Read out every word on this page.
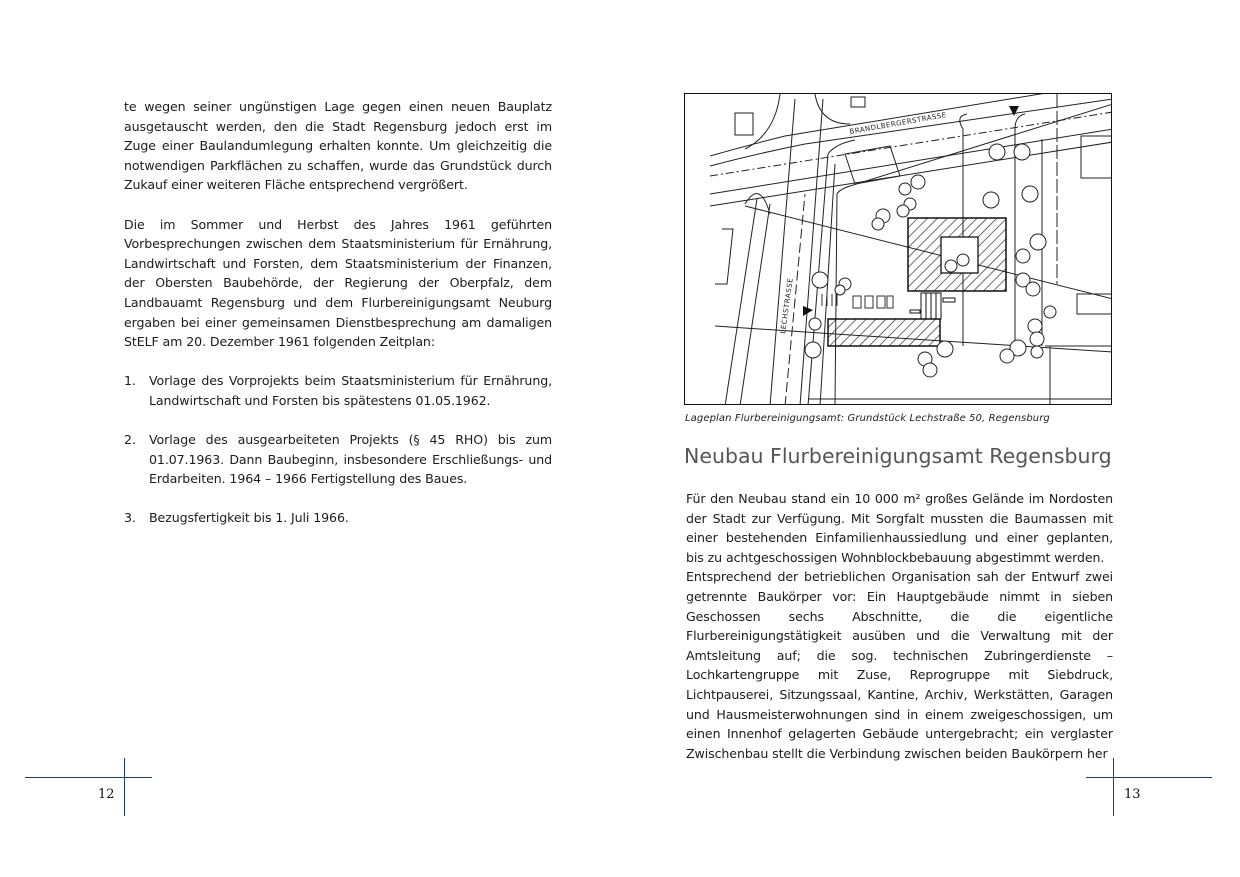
te wegen seiner ungünstigen Lage gegen einen neuen Bauplatz ausgetauscht werden, den die Stadt Regensburg jedoch erst im Zuge einer Baulandumlegung erhalten konnte. Um gleichzeitig die notwendigen Parkflächen zu schaffen, wurde das Grundstück durch Zukauf einer weiteren Fläche entsprechend vergrößert.

Die im Sommer und Herbst des Jahres 1961 geführten Vorbesprechungen zwischen dem Staatsministerium für Ernährung, Landwirtschaft und Forsten, dem Staatsministerium der Finanzen, der Obersten Baubehörde, der Regierung der Oberpfalz, dem Landbauamt Regensburg und dem Flurbereinigungsamt Neuburg ergaben bei einer gemeinsamen Dienstbesprechung am damaligen StELF am 20. Dezember 1961 folgenden Zeitplan:

1. Vorlage des Vorprojekts beim Staatsministerium für Ernährung, Landwirtschaft und Forsten bis spätestens 01.05.1962.
2. Vorlage des ausgearbeiteten Projekts (§ 45 RHO) bis zum 01.07.1963. Dann Baubeginn, insbesondere Erschließungs- und Erdarbeiten. 1964 – 1966 Fertigstellung des Baues.
3. Bezugsfertigkeit bis 1. Juli 1966.
12
BRANDLBERGERSTRASSE
LECHSTRASSE
Lageplan Flurbereinigungsamt: Grundstück Lechstraße 50, Regensburg
Neubau Flurbereinigungsamt Regensburg

Für den Neubau stand ein 10 000 m² großes Gelände im Nordosten der Stadt zur Verfügung. Mit Sorgfalt mussten die Baumassen mit einer bestehenden Einfamilienhaussiedlung und einer geplanten, bis zu achtgeschossigen Wohnblockbebauung abgestimmt werden.

Entsprechend der betrieblichen Organisation sah der Entwurf zwei getrennte Baukörper vor: Ein Hauptgebäude nimmt in sieben Geschossen sechs Abschnitte, die die eigentliche Flurbereinigungstätigkeit ausüben und die Verwaltung mit der Amtsleitung auf; die sog. technischen Zubringerdienste – Lochkartengruppe mit Zuse, Reprogruppe mit Siebdruck, Lichtpauserei, Sitzungssaal, Kantine, Archiv, Werkstätten, Garagen und Hausmeisterwohnungen sind in einem zweigeschossigen, um einen Innenhof gelagerten Gebäude untergebracht; ein verglaster Zwischenbau stellt die Verbindung zwischen beiden Baukörpern her

13
